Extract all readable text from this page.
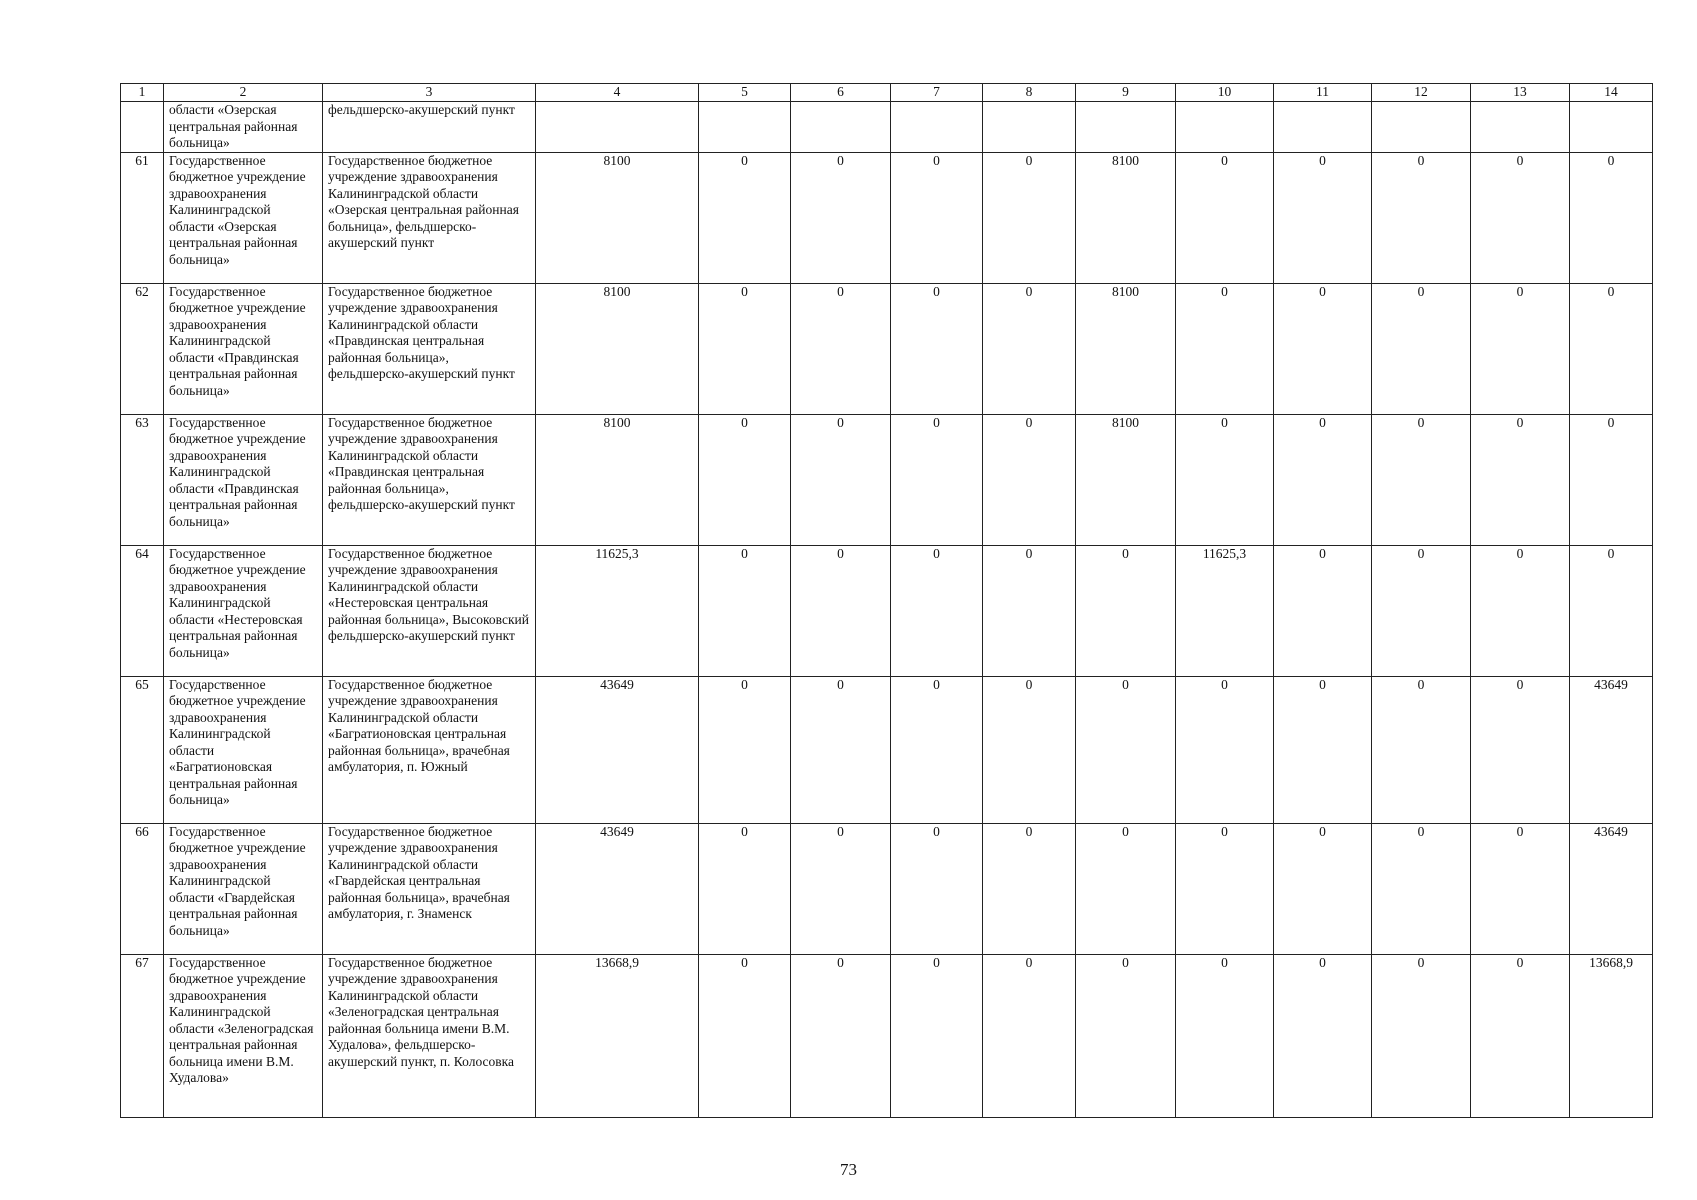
1	2	3	4	5	6	7	8	9	10	11	12	13	14
	области «Озерская центральная районная больница»	фельдшерско-акушерский пункт											
61	Государственное бюджетное учреждение здравоохранения Калининградской области «Озерская центральная районная больница»	Государственное бюджетное учреждение здравоохранения Калининградской области «Озерская центральная районная больница», фельдшерско-акушерский пункт	8100	0	0	0	0	8100	0	0	0	0	0
62	Государственное бюджетное учреждение здравоохранения Калининградской области «Правдинская центральная районная больница»	Государственное бюджетное учреждение здравоохранения Калининградской области «Правдинская центральная районная больница», фельдшерско-акушерский пункт	8100	0	0	0	0	8100	0	0	0	0	0
63	Государственное бюджетное учреждение здравоохранения Калининградской области «Правдинская центральная районная больница»	Государственное бюджетное учреждение здравоохранения Калининградской области «Правдинская центральная районная больница», фельдшерско-акушерский пункт	8100	0	0	0	0	8100	0	0	0	0	0
64	Государственное бюджетное учреждение здравоохранения Калининградской области «Нестеровская центральная районная больница»	Государственное бюджетное учреждение здравоохранения Калининградской области «Нестеровская центральная районная больница», Высоковский фельдшерско-акушерский пункт	11625,3	0	0	0	0	0	11625,3	0	0	0	0
65	Государственное бюджетное учреждение здравоохранения Калининградской области «Багратионовская центральная районная больница»	Государственное бюджетное учреждение здравоохранения Калининградской области «Багратионовская центральная районная больница», врачебная амбулатория, п. Южный	43649	0	0	0	0	0	0	0	0	0	43649
66	Государственное бюджетное учреждение здравоохранения Калининградской области «Гвардейская центральная районная больница»	Государственное бюджетное учреждение здравоохранения Калининградской области «Гвардейская центральная районная больница», врачебная амбулатория, г. Знаменск	43649	0	0	0	0	0	0	0	0	0	43649
67	Государственное бюджетное учреждение здравоохранения Калининградской области «Зеленоградская центральная районная больница имени В.М. Худалова»	Государственное бюджетное учреждение здравоохранения Калининградской области «Зеленоградская центральная районная больница имени В.М. Худалова», фельдшерско-акушерский пункт, п. Колосовка	13668,9	0	0	0	0	0	0	0	0	0	13668,9
73
